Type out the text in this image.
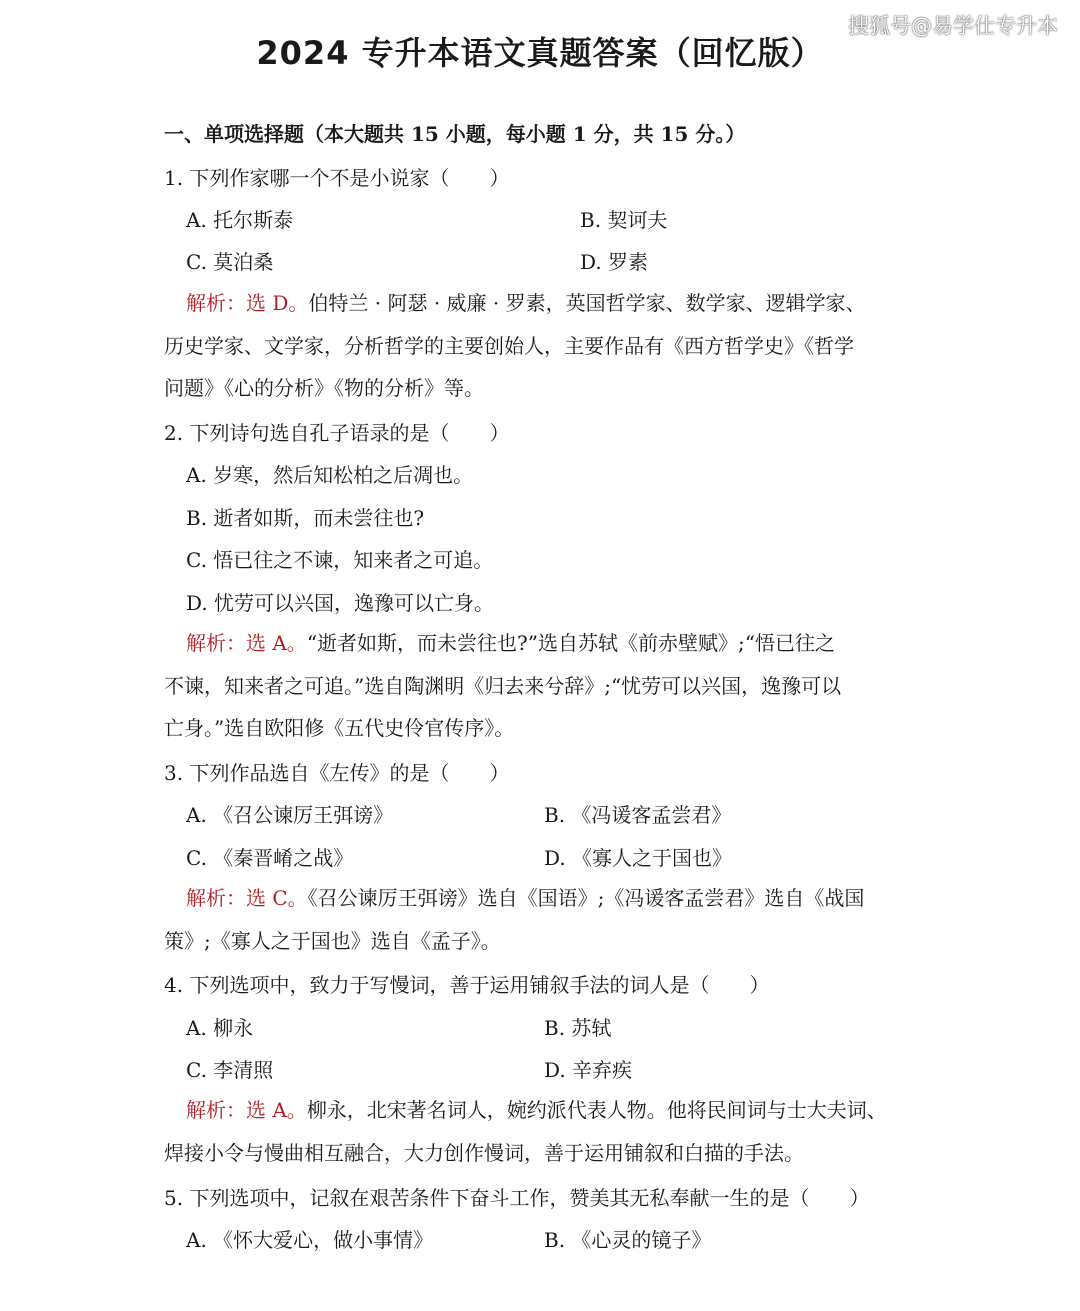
搜狐号@易学仕专升本
2024 专升本语文真题答案（回忆版）
一、单项选择题（本大题共 15 小题，每小题 1 分，共 15 分。）
1. 下列作家哪一个不是小说家（　　）
A. 托尔斯泰	B. 契诃夫
C. 莫泊桑	D. 罗素
解析：选 D。伯特兰 · 阿瑟 · 威廉 · 罗素，英国哲学家、数学家、逻辑学家、
历史学家、文学家，分析哲学的主要创始人，主要作品有《西方哲学史》《哲学
问题》《心的分析》《物的分析》等。
2. 下列诗句选自孔子语录的是（　　）
A. 岁寒，然后知松柏之后凋也。
B. 逝者如斯，而未尝往也?
C. 悟已往之不谏，知来者之可追。
D. 忧劳可以兴国，逸豫可以亡身。
解析：选 A。“逝者如斯，而未尝往也?”选自苏轼《前赤壁赋》;“悟已往之
不谏，知来者之可追。”选自陶渊明《归去来兮辞》;“忧劳可以兴国，逸豫可以
亡身。”选自欧阳修《五代史伶官传序》。
3. 下列作品选自《左传》的是（　　）
A. 《召公谏厉王弭谤》	B. 《冯谖客孟尝君》
C. 《秦晋崤之战》	D. 《寡人之于国也》
解析：选 C。《召公谏厉王弭谤》选自《国语》;《冯谖客孟尝君》选自《战国
策》;《寡人之于国也》选自《孟子》。
4. 下列选项中，致力于写慢词，善于运用铺叙手法的词人是（　　）
A. 柳永	B. 苏轼
C. 李清照	D. 辛弃疾
解析：选 A。柳永，北宋著名词人，婉约派代表人物。他将民间词与士大夫词、
焊接小令与慢曲相互融合，大力创作慢词，善于运用铺叙和白描的手法。
5. 下列选项中，记叙在艰苦条件下奋斗工作，赞美其无私奉献一生的是（　　）
A. 《怀大爱心，做小事情》	B. 《心灵的镜子》
